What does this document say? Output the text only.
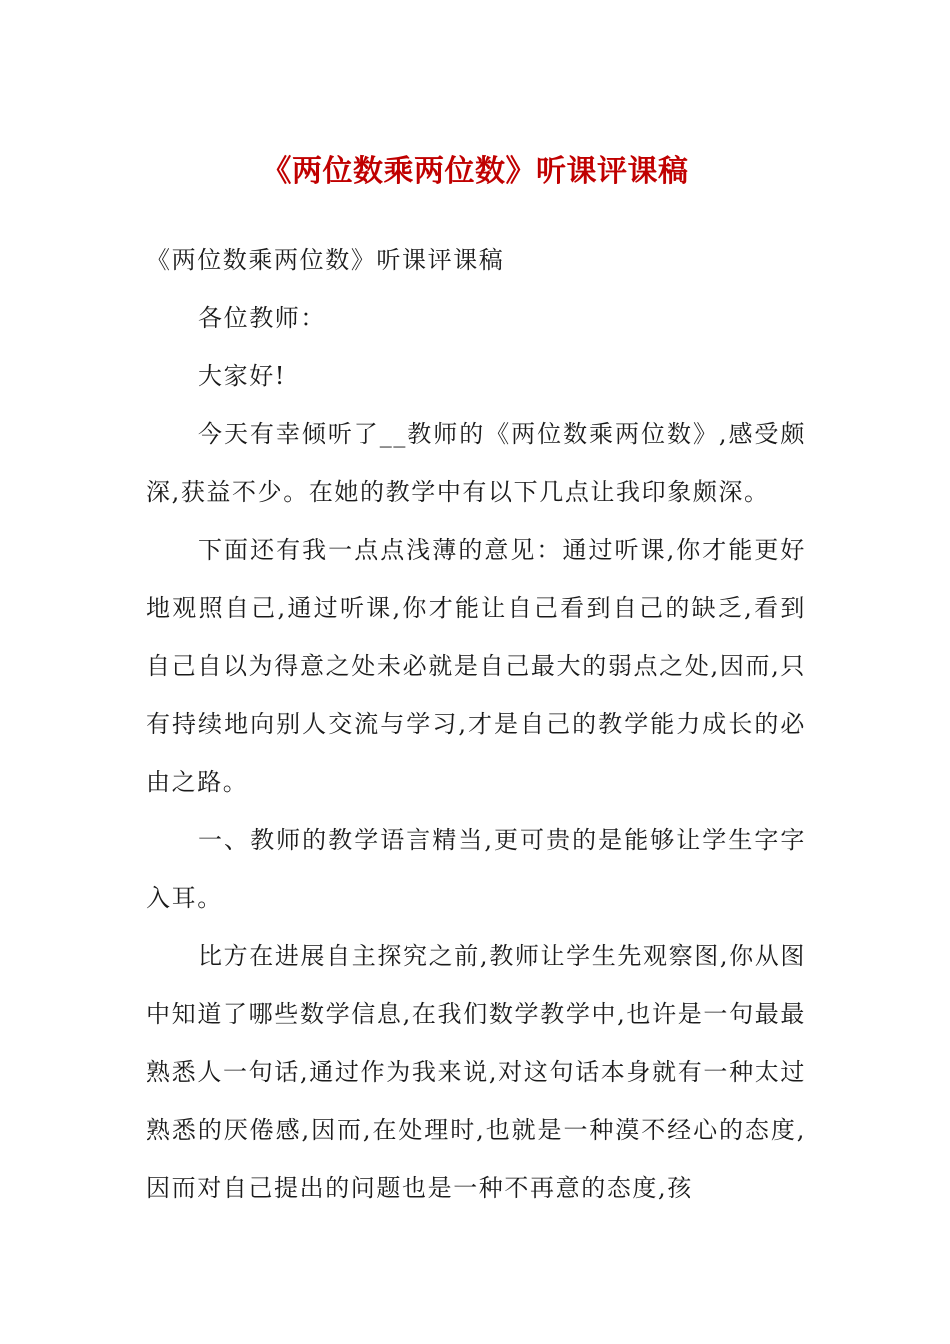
《两位数乘两位数》听课评课稿

《两位数乘两位数》听课评课稿

各位教师：

大家好!

今天有幸倾听了__教师的《两位数乘两位数》,感受颇深,获益不少。在她的教学中有以下几点让我印象颇深。

下面还有我一点点浅薄的意见：通过听课,你才能更好地观照自己,通过听课,你才能让自己看到自己的缺乏,看到自己自以为得意之处未必就是自己最大的弱点之处,因而,只有持续地向别人交流与学习,才是自己的教学能力成长的必由之路。

一、教师的教学语言精当,更可贵的是能够让学生字字入耳。

比方在进展自主探究之前,教师让学生先观察图,你从图中知道了哪些数学信息,在我们数学教学中,也许是一句最最熟悉人一句话,通过作为我来说,对这句话本身就有一种太过熟悉的厌倦感,因而,在处理时,也就是一种漠不经心的态度,因而对自己提出的问题也是一种不再意的态度,孩
